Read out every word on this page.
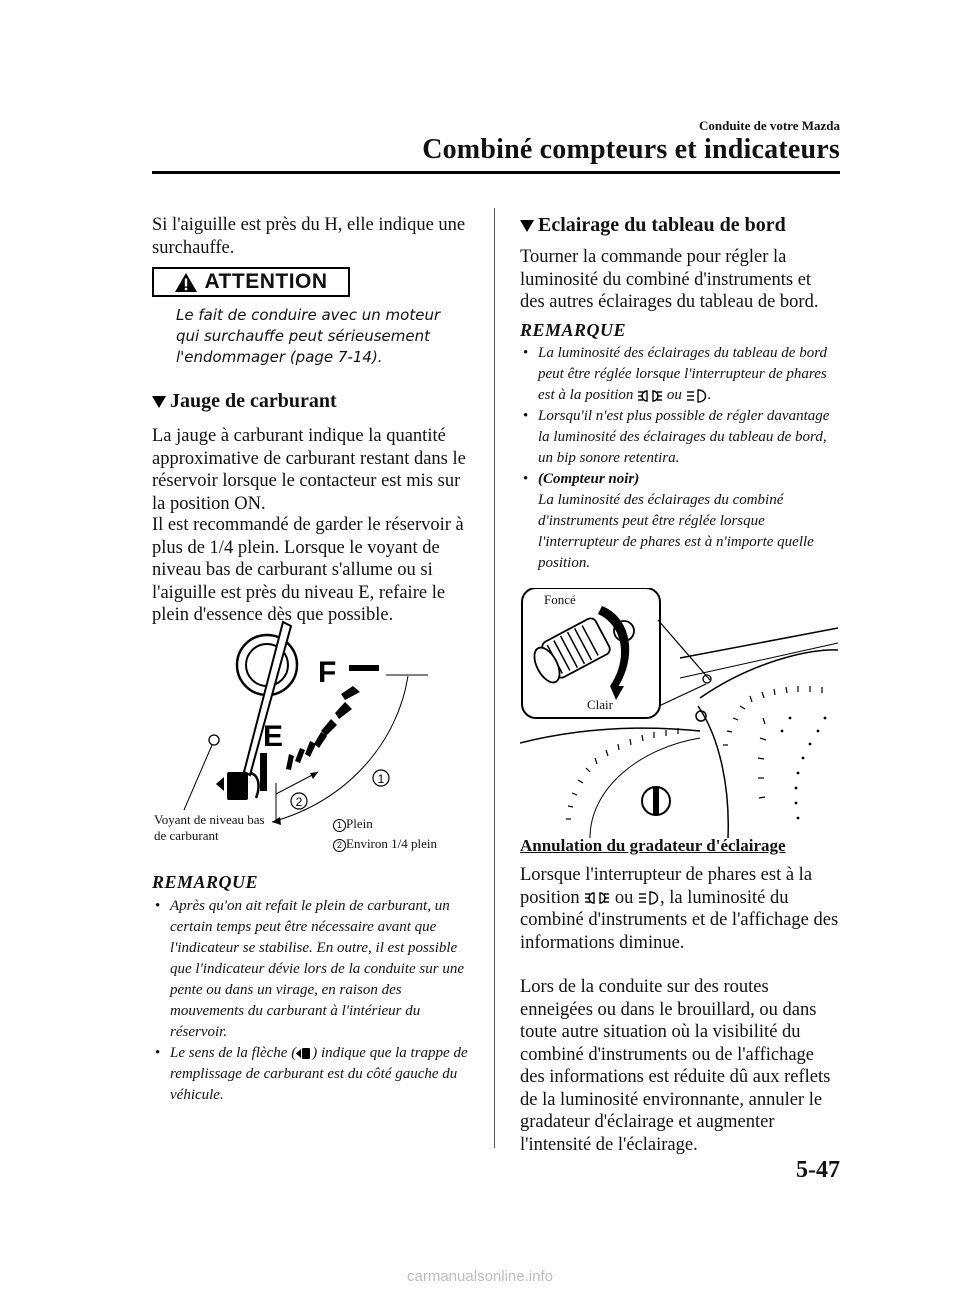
Conduite de votre Mazda
Combiné compteurs et indicateurs
Si l'aiguille est près du H, elle indique une surchauffe.
ATTENTION
Le fait de conduire avec un moteur qui surchauffe peut sérieusement l'endommager (page 7-14).
Jauge de carburant
La jauge à carburant indique la quantité approximative de carburant restant dans le réservoir lorsque le contacteur est mis sur la position ON.
Il est recommandé de garder le réservoir à plus de 1/4 plein. Lorsque le voyant de niveau bas de carburant s'allume ou si l'aiguille est près du niveau E, refaire le plein d'essence dès que possible.
F
E
1
2
Voyant de niveau bas de carburant
1 Plein
2 Environ 1/4 plein
REMARQUE
• Après qu'on ait refait le plein de carburant, un certain temps peut être nécessaire avant que l'indicateur se stabilise. En outre, il est possible que l'indicateur dévie lors de la conduite sur une pente ou dans un virage, en raison des mouvements du carburant à l'intérieur du réservoir.
• Le sens de la flèche ( ) indique que la trappe de remplissage de carburant est du côté gauche du véhicule.
Eclairage du tableau de bord
Tourner la commande pour régler la luminosité du combiné d'instruments et des autres éclairages du tableau de bord.
REMARQUE
• La luminosité des éclairages du tableau de bord peut être réglée lorsque l'interrupteur de phares est à la position ou .
• Lorsqu'il n'est plus possible de régler davantage la luminosité des éclairages du tableau de bord, un bip sonore retentira.
• (Compteur noir)
La luminosité des éclairages du combiné d'instruments peut être réglée lorsque l'interrupteur de phares est à n'importe quelle position.
Foncé
Clair
Annulation du gradateur d'éclairage
Lorsque l'interrupteur de phares est à la position ou , la luminosité du combiné d'instruments et de l'affichage des informations diminue.
Lors de la conduite sur des routes enneigées ou dans le brouillard, ou dans toute autre situation où la visibilité du combiné d'instruments ou de l'affichage des informations est réduite dû aux reflets de la luminosité environnante, annuler le gradateur d'éclairage et augmenter l'intensité de l'éclairage.
5-47
carmanualsonline.info
